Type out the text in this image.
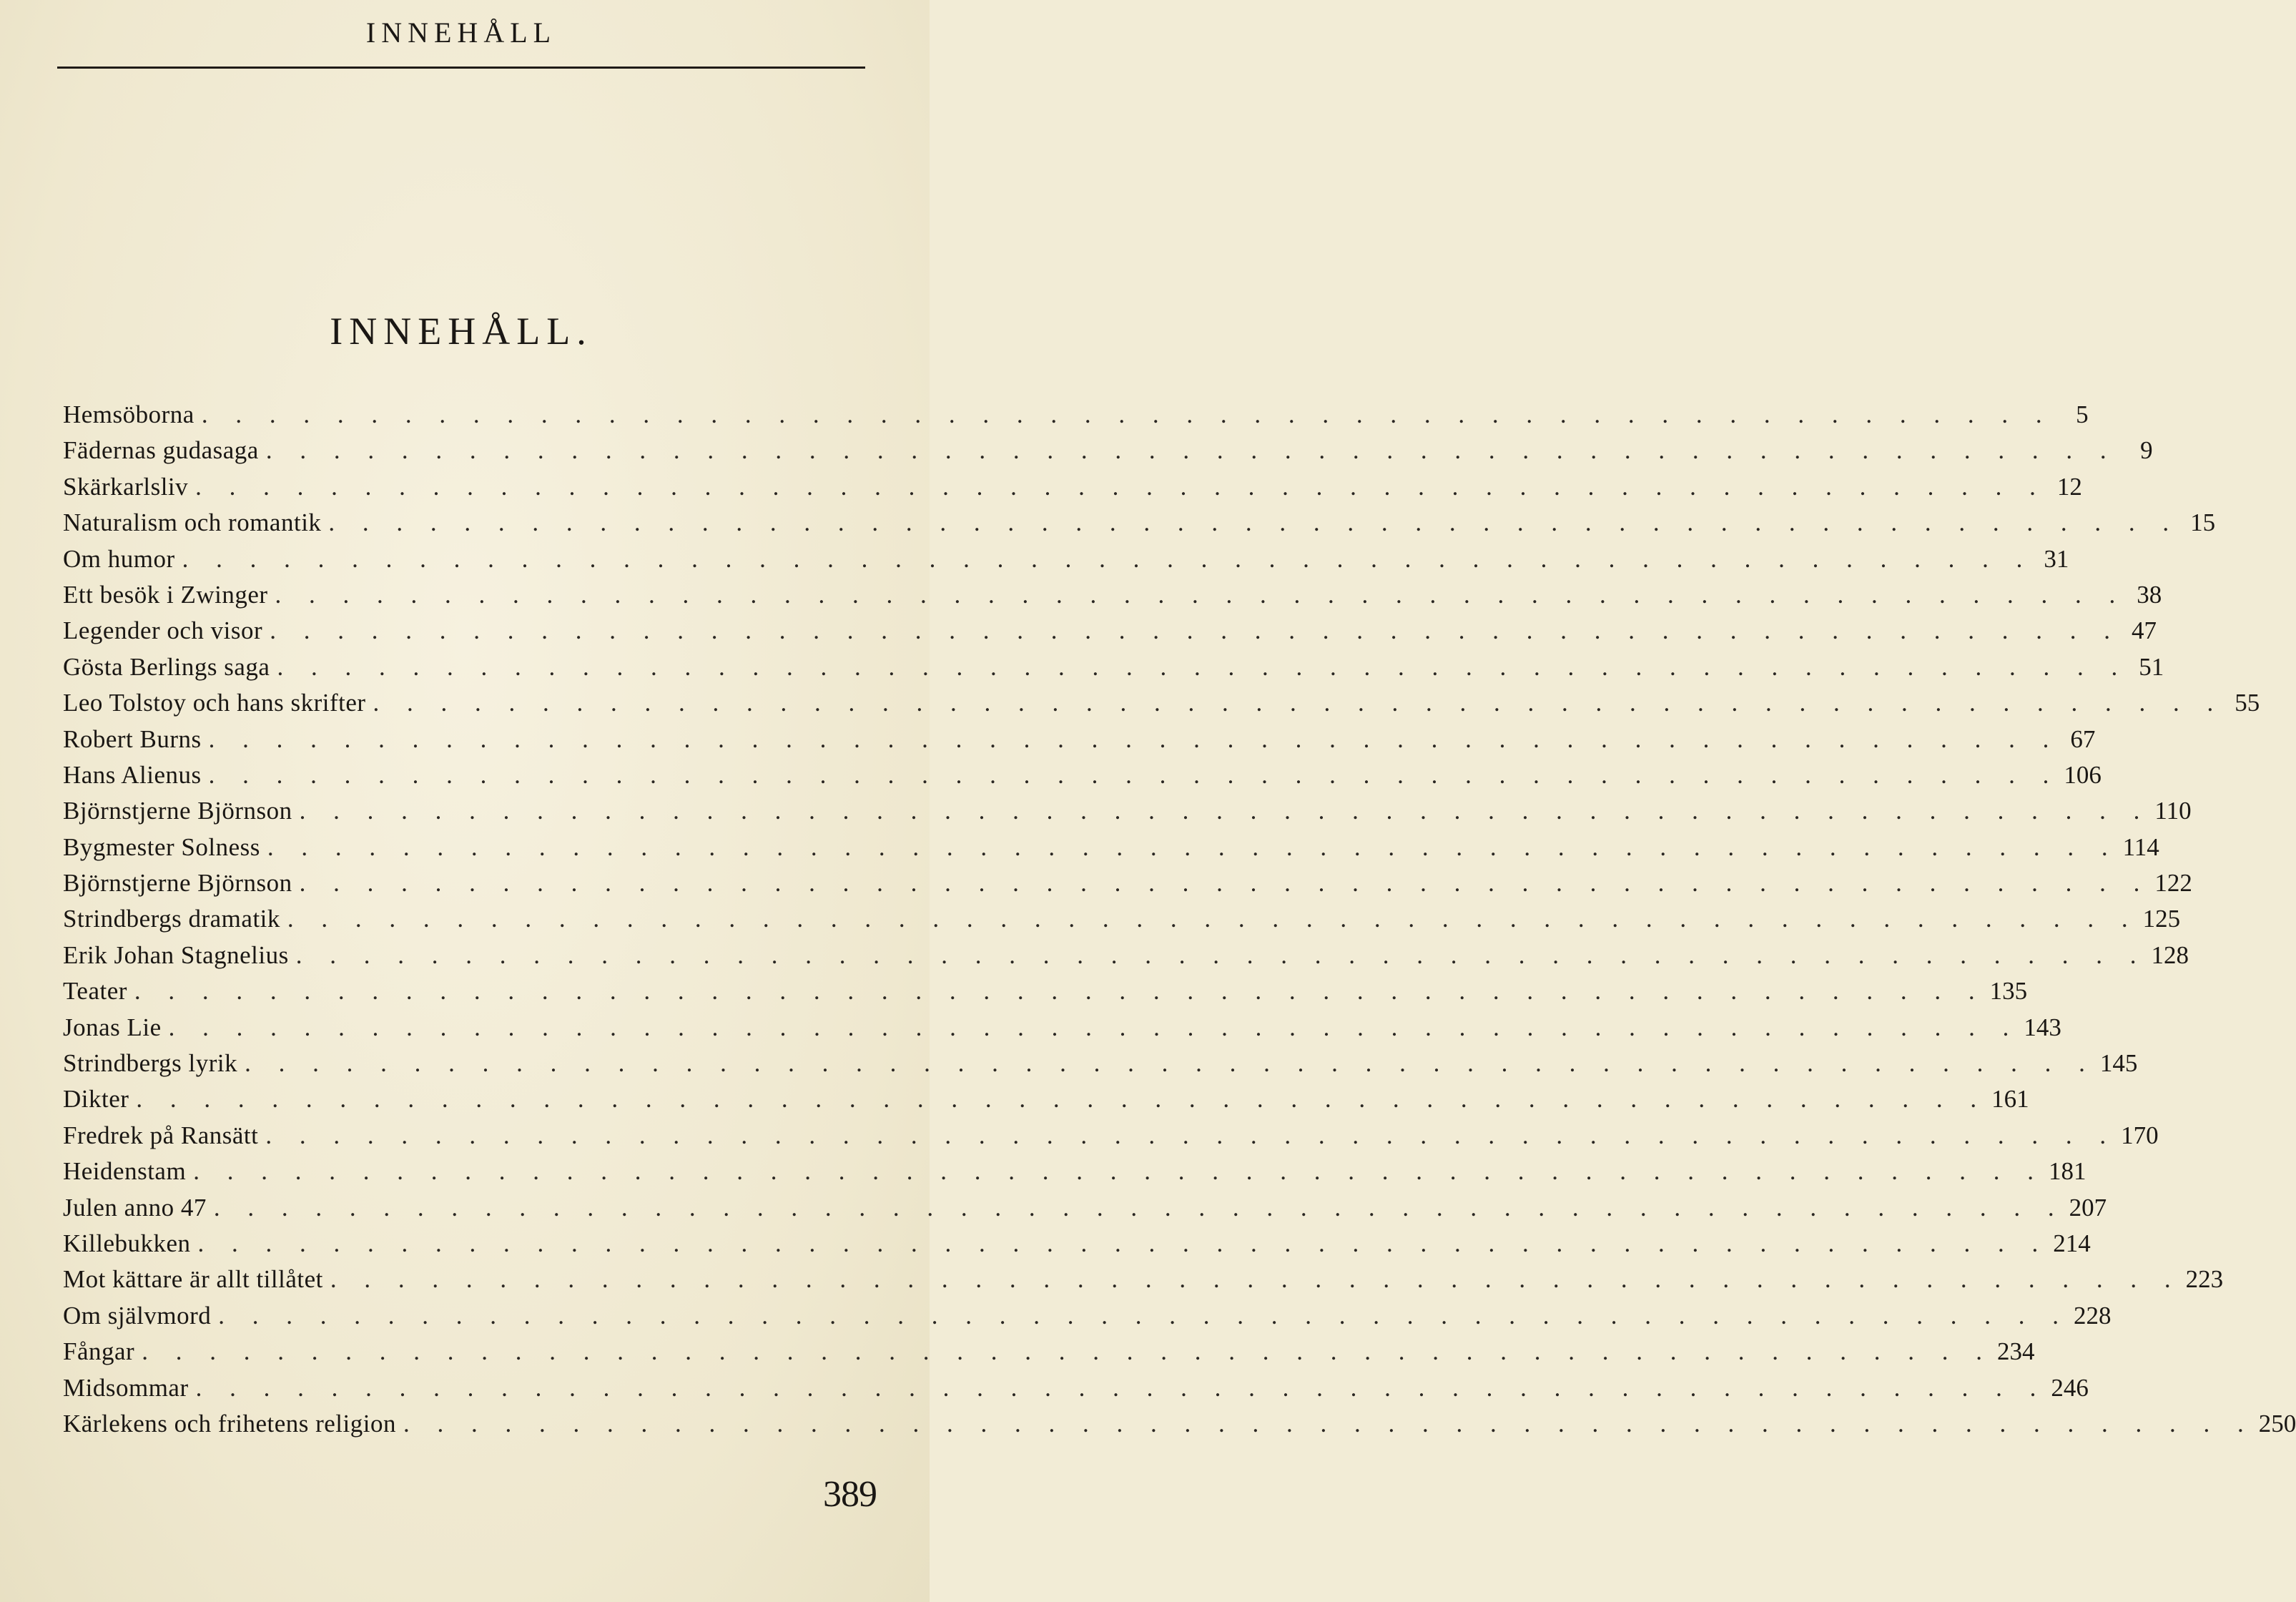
INNEHÅLL
INNEHÅLL.
Hemsöborna . . . . . . . . . . . . . . . . . . . . . . . . . . . . . . . . . . . . . . . . . . . . . . . . . . . . . . . 5
Fädernas gudasaga . . . . . . . . . . . . . . . . . . . . . . . . . . . . . . . . . . . . . . . . . . . . . . . . . . . . . . . 9
Skärkarlsliv . . . . . . . . . . . . . . . . . . . . . . . . . . . . . . . . . . . . . . . . . . . . . . . . . . . . . . . 12
Naturalism och romantik . . . . . . . . . . . . . . . . . . . . . . . . . . . . . . . . . . . . . . . . . . . . . . . . . . . . . . . 15
Om humor . . . . . . . . . . . . . . . . . . . . . . . . . . . . . . . . . . . . . . . . . . . . . . . . . . . . . . . 31
Ett besök i Zwinger . . . . . . . . . . . . . . . . . . . . . . . . . . . . . . . . . . . . . . . . . . . . . . . . . . . . . . . 38
Legender och visor . . . . . . . . . . . . . . . . . . . . . . . . . . . . . . . . . . . . . . . . . . . . . . . . . . . . . . . 47
Gösta Berlings saga . . . . . . . . . . . . . . . . . . . . . . . . . . . . . . . . . . . . . . . . . . . . . . . . . . . . . . . 51
Leo Tolstoy och hans skrifter . . . . . . . . . . . . . . . . . . . . . . . . . . . . . . . . . . . . . . . . . . . . . . . . . . . . . . . 55
Robert Burns . . . . . . . . . . . . . . . . . . . . . . . . . . . . . . . . . . . . . . . . . . . . . . . . . . . . . . . 67
Hans Alienus . . . . . . . . . . . . . . . . . . . . . . . . . . . . . . . . . . . . . . . . . . . . . . . . . . . . . . . 106
Björnstjerne Björnson . . . . . . . . . . . . . . . . . . . . . . . . . . . . . . . . . . . . . . . . . . . . . . . . . . . . . . . 110
Bygmester Solness . . . . . . . . . . . . . . . . . . . . . . . . . . . . . . . . . . . . . . . . . . . . . . . . . . . . . . . 114
Björnstjerne Björnson . . . . . . . . . . . . . . . . . . . . . . . . . . . . . . . . . . . . . . . . . . . . . . . . . . . . . . . 122
Strindbergs dramatik . . . . . . . . . . . . . . . . . . . . . . . . . . . . . . . . . . . . . . . . . . . . . . . . . . . . . . . 125
Erik Johan Stagnelius . . . . . . . . . . . . . . . . . . . . . . . . . . . . . . . . . . . . . . . . . . . . . . . . . . . . . . . 128
Teater . . . . . . . . . . . . . . . . . . . . . . . . . . . . . . . . . . . . . . . . . . . . . . . . . . . . . . . 135
Jonas Lie . . . . . . . . . . . . . . . . . . . . . . . . . . . . . . . . . . . . . . . . . . . . . . . . . . . . . . . 143
Strindbergs lyrik . . . . . . . . . . . . . . . . . . . . . . . . . . . . . . . . . . . . . . . . . . . . . . . . . . . . . . . 145
Dikter . . . . . . . . . . . . . . . . . . . . . . . . . . . . . . . . . . . . . . . . . . . . . . . . . . . . . . . 161
Fredrek på Ransätt . . . . . . . . . . . . . . . . . . . . . . . . . . . . . . . . . . . . . . . . . . . . . . . . . . . . . . . 170
Heidenstam . . . . . . . . . . . . . . . . . . . . . . . . . . . . . . . . . . . . . . . . . . . . . . . . . . . . . . . 181
Julen anno 47 . . . . . . . . . . . . . . . . . . . . . . . . . . . . . . . . . . . . . . . . . . . . . . . . . . . . . . . 207
Killebukken . . . . . . . . . . . . . . . . . . . . . . . . . . . . . . . . . . . . . . . . . . . . . . . . . . . . . . . 214
Mot kättare är allt tillåtet . . . . . . . . . . . . . . . . . . . . . . . . . . . . . . . . . . . . . . . . . . . . . . . . . . . . . . . 223
Om självmord . . . . . . . . . . . . . . . . . . . . . . . . . . . . . . . . . . . . . . . . . . . . . . . . . . . . . . . 228
Fångar . . . . . . . . . . . . . . . . . . . . . . . . . . . . . . . . . . . . . . . . . . . . . . . . . . . . . . . 234
Midsommar . . . . . . . . . . . . . . . . . . . . . . . . . . . . . . . . . . . . . . . . . . . . . . . . . . . . . . . 246
Kärlekens och frihetens religion . . . . . . . . . . . . . . . . . . . . . . . . . . . . . . . . . . . . . . . . . . . . . . . . . . . . . . . 250
389
